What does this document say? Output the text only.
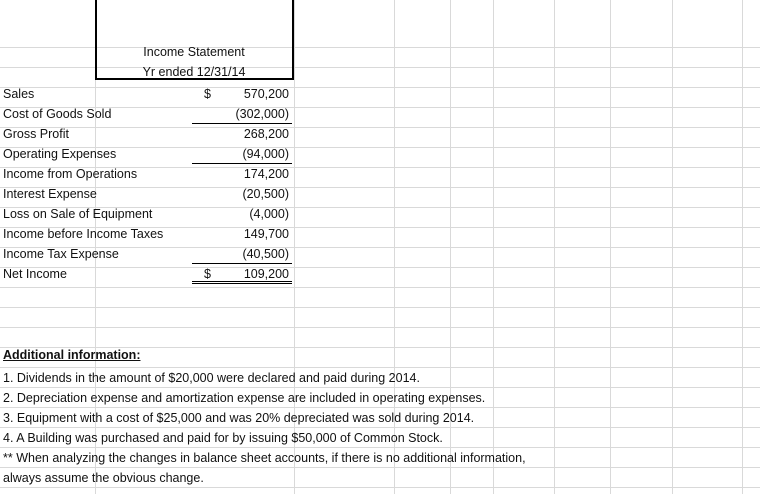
Income Statement
Yr ended 12/31/14
Sales	570,200
$
Cost of Goods Sold	(302,000)
Gross Profit	268,200
Operating Expenses	(94,000)
Income from Operations	174,200
Interest Expense	(20,500)
Loss on Sale of Equipment	(4,000)
Income before Income Taxes	149,700
Income Tax Expense	(40,500)
Net Income	109,200
$
Additional information:
1. Dividends in the amount of $20,000 were declared and paid during 2014.
2. Depreciation expense and amortization expense are included in operating expenses.
3. Equipment with a cost of $25,000 and was 20% depreciated was sold during 2014.
4. A Building was purchased and paid for by issuing $50,000 of Common Stock.
** When analyzing the changes in balance sheet accounts, if there is no additional information,
always assume the obvious change.
